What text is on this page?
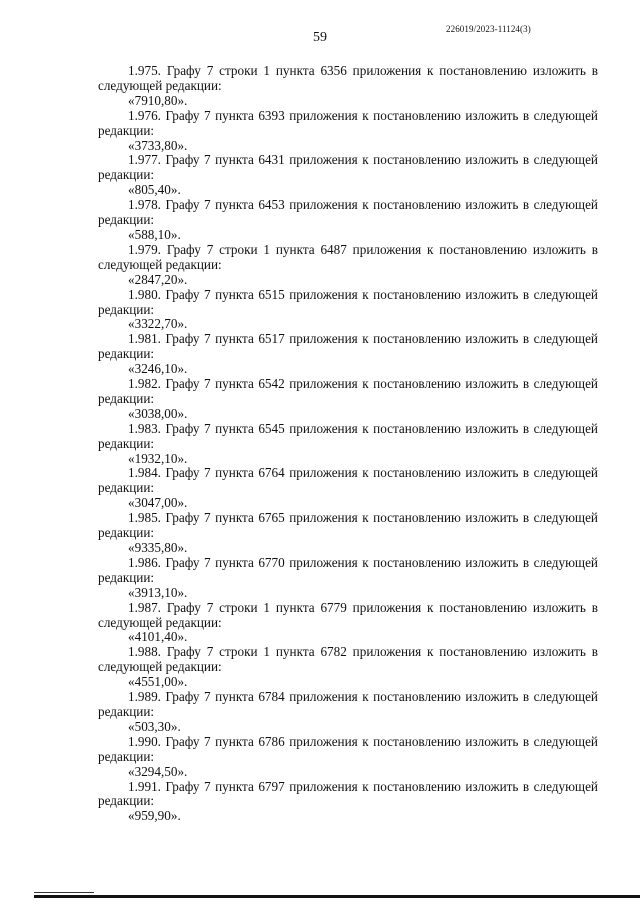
59
226019/2023-11124(3)

1.975. Графу 7 строки 1 пункта 6356 приложения к постановлению изложить в следующей редакции:

«7910,80».

1.976. Графу 7 пункта 6393 приложения к постановлению изложить в следующей редакции:

«3733,80».

1.977. Графу 7 пункта 6431 приложения к постановлению изложить в следующей редакции:

«805,40».

1.978. Графу 7 пункта 6453 приложения к постановлению изложить в следующей редакции:

«588,10».

1.979. Графу 7 строки 1 пункта 6487 приложения к постановлению изложить в следующей редакции:

«2847,20».

1.980. Графу 7 пункта 6515 приложения к постановлению изложить в следующей редакции:

«3322,70».

1.981. Графу 7 пункта 6517 приложения к постановлению изложить в следующей редакции:

«3246,10».

1.982. Графу 7 пункта 6542 приложения к постановлению изложить в следующей редакции:

«3038,00».

1.983. Графу 7 пункта 6545 приложения к постановлению изложить в следующей редакции:

«1932,10».

1.984. Графу 7 пункта 6764 приложения к постановлению изложить в следующей редакции:

«3047,00».

1.985. Графу 7 пункта 6765 приложения к постановлению изложить в следующей редакции:

«9335,80».

1.986. Графу 7 пункта 6770 приложения к постановлению изложить в следующей редакции:

«3913,10».

1.987. Графу 7 строки 1 пункта 6779 приложения к постановлению изложить в следующей редакции:

«4101,40».

1.988. Графу 7 строки 1 пункта 6782 приложения к постановлению изложить в следующей редакции:

«4551,00».

1.989. Графу 7 пункта 6784 приложения к постановлению изложить в следующей редакции:

«503,30».

1.990. Графу 7 пункта 6786 приложения к постановлению изложить в следующей редакции:

«3294,50».

1.991. Графу 7 пункта 6797 приложения к постановлению изложить в следующей редакции:

«959,90».
